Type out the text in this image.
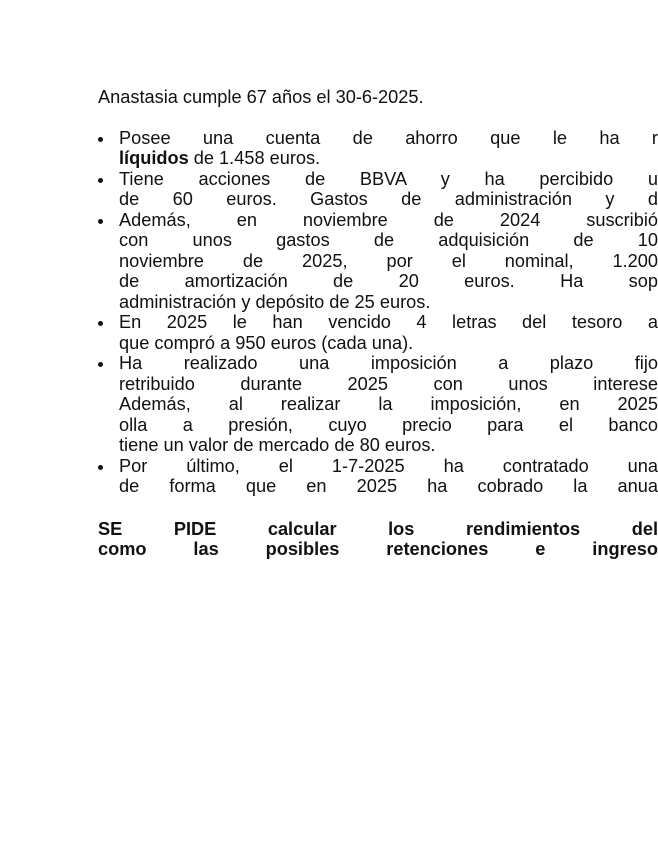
Anastasia cumple 67 años el 30-6-2025.

Posee una cuenta de ahorro que le ha r
líquidos de 1.458 euros.
Tiene acciones de BBVA y ha percibido u
de 60 euros. Gastos de administración y d
Además, en noviembre de 2024 suscribió
con unos gastos de adquisición de 10
noviembre de 2025, por el nominal, 1.200
de amortización de 20 euros. Ha sop
administración y depósito de 25 euros.
En 2025 le han vencido 4 letras del tesoro a
que compró a 950 euros (cada una).
Ha realizado una imposición a plazo fijo
retribuido durante 2025 con unos interese
Además, al realizar la imposición, en 2025
olla a presión, cuyo precio para el banco
tiene un valor de mercado de 80 euros.
Por último, el 1-7-2025 ha contratado una
de forma que en 2025 ha cobrado la anua
SE PIDE calcular los rendimientos del
como las posibles retenciones e ingreso
